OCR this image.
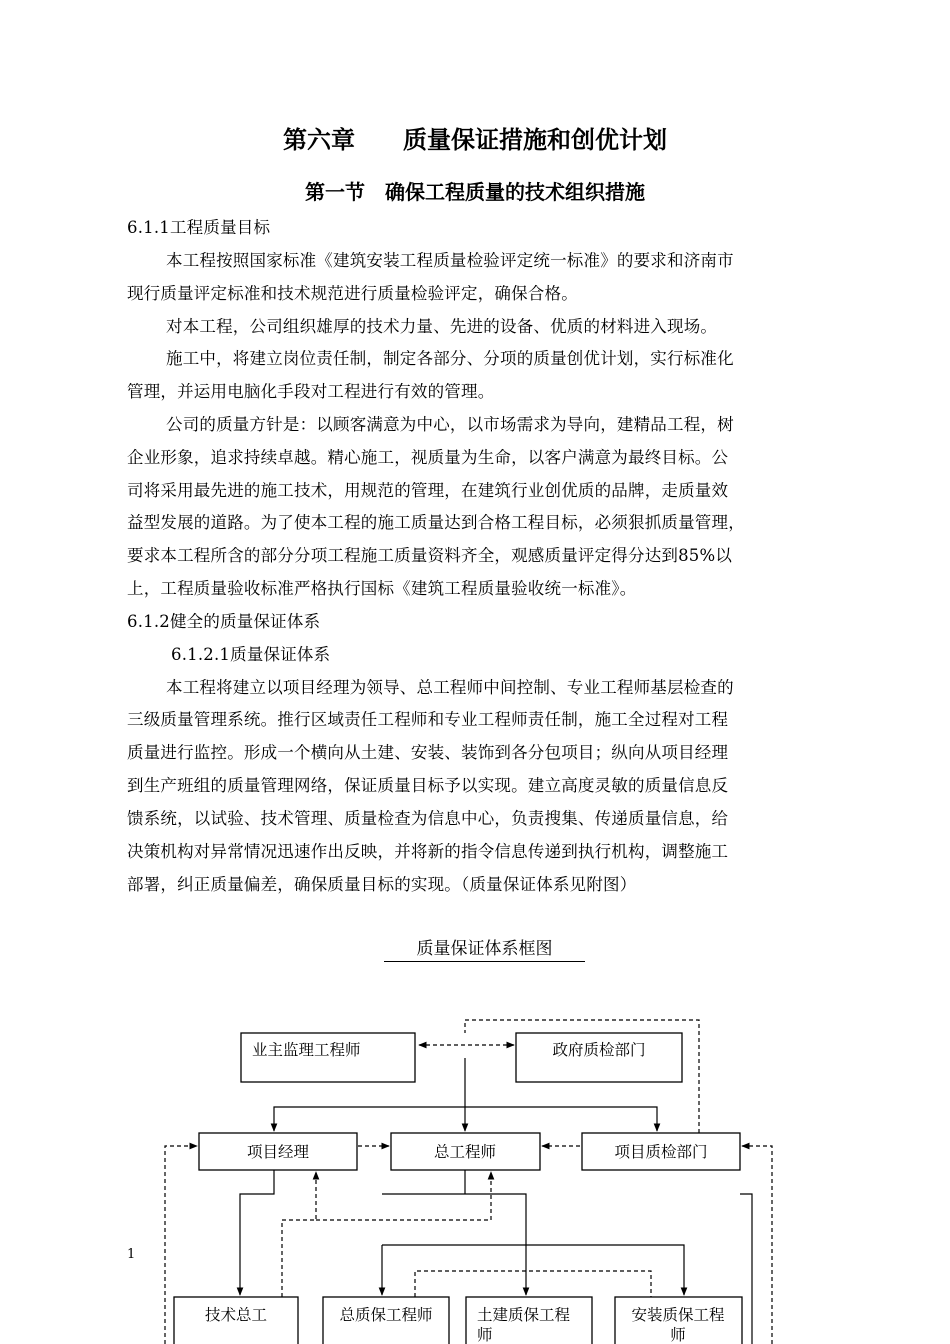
第六章　　质量保证措施和创优计划
第一节　确保工程质量的技术组织措施
6.1.1工程质量目标
本工程按照国家标准《建筑安装工程质量检验评定统一标准》的要求和济南市
现行质量评定标准和技术规范进行质量检验评定，确保合格。
对本工程，公司组织雄厚的技术力量、先进的设备、优质的材料进入现场。
施工中，将建立岗位责任制，制定各部分、分项的质量创优计划，实行标准化
管理，并运用电脑化手段对工程进行有效的管理。
公司的质量方针是：以顾客满意为中心，以市场需求为导向，建精品工程，树
企业形象，追求持续卓越。精心施工，视质量为生命，以客户满意为最终目标。公
司将采用最先进的施工技术，用规范的管理，在建筑行业创优质的品牌，走质量效
益型发展的道路。为了使本工程的施工质量达到合格工程目标，必须狠抓质量管理，
要求本工程所含的部分分项工程施工质量资料齐全，观感质量评定得分达到85%以
上，工程质量验收标准严格执行国标《建筑工程质量验收统一标准》。
6.1.2健全的质量保证体系
6.1.2.1质量保证体系
本工程将建立以项目经理为领导、总工程师中间控制、专业工程师基层检查的
三级质量管理系统。推行区域责任工程师和专业工程师责任制，施工全过程对工程
质量进行监控。形成一个横向从土建、安装、装饰到各分包项目；纵向从项目经理
到生产班组的质量管理网络，保证质量目标予以实现。建立高度灵敏的质量信息反
馈系统，以试验、技术管理、质量检查为信息中心，负责搜集、传递质量信息，给
决策机构对异常情况迅速作出反映，并将新的指令信息传递到执行机构，调整施工
部署，纠正质量偏差，确保质量目标的实现。（质量保证体系见附图）
　质量保证体系框图　
业主监理工程师	政府质检部门
项目经理	总工程师	项目质检部门
技术总工	总质保工程师	土建质保工程
师
安装质保工程
师
1
